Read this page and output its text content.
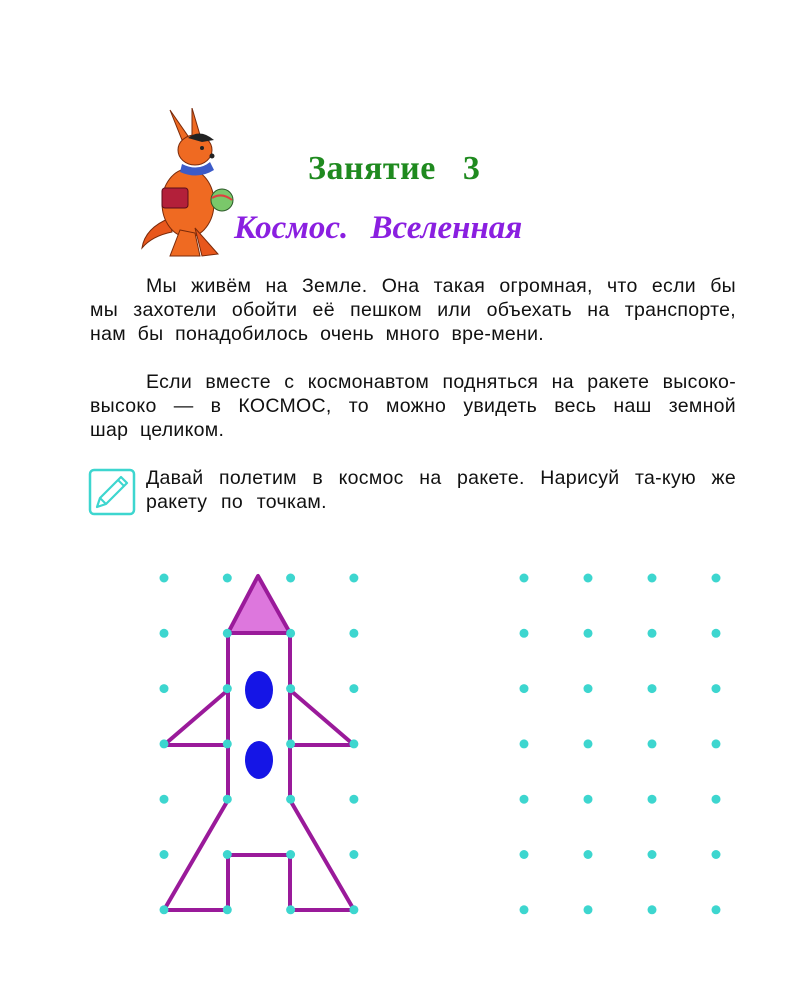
Занятие 3
Космос. Вселенная

Мы живём на Земле. Она такая огромная, что если бы мы захотели обойти её пешком или объехать на транспорте, нам бы понадобилось очень много вре-мени.

Если вместе с космонавтом подняться на ракете высоко-высоко — в КОСМОС, то можно увидеть весь наш земной шар целиком.

Давай полетим в космос на ракете. Нарисуй та-кую же ракету по точкам.
